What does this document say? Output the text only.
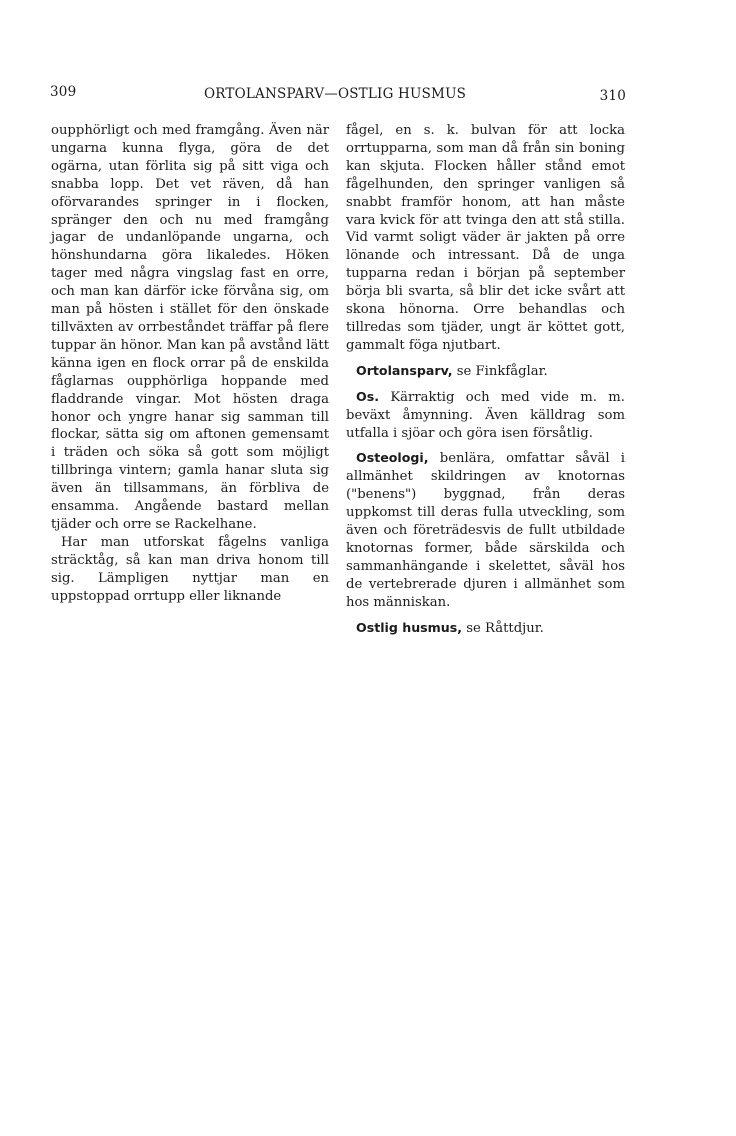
309	ORTOLANSPARV—OSTLIG HUSMUS	310

oupphörligt och med framgång. Även när ungarna kunna flyga, göra de det ogärna, utan förlita sig på sitt viga och snabba lopp. Det vet räven, då han oförvarandes springer in i flocken, spränger den och nu med framgång jagar de undanlöpande ungarna, och hönshundarna göra likaledes. Höken tager med några vingslag fast en orre, och man kan därför icke förvåna sig, om man på hösten i stället för den önskade tillväxten av orrbeståndet träffar på flere tuppar än hönor. Man kan på avstånd lätt känna igen en flock orrar på de enskilda fåglarnas oupphörliga hoppande med fladdrande vingar. Mot hösten draga honor och yngre hanar sig samman till flockar, sätta sig om aftonen gemensamt i träden och söka så gott som möjligt tillbringa vintern; gamla hanar sluta sig även än tillsammans, än förbliva de ensamma. Angående bastard mellan tjäder och orre se Rackelhane.

Har man utforskat fågelns vanliga sträcktåg, så kan man driva honom till sig. Lämpligen nyttjar man en uppstoppad orrtupp eller liknande

fågel, en s. k. bulvan för att locka orrtupparna, som man då från sin boning kan skjuta. Flocken håller stånd emot fågelhunden, den springer vanligen så snabbt framför honom, att han måste vara kvick för att tvinga den att stå stilla. Vid varmt soligt väder är jakten på orre lönande och intressant. Då de unga tupparna redan i början på september börja bli svarta, så blir det icke svårt att skona hönorna. Orre behandlas och tillredas som tjäder, ungt är köttet gott, gammalt föga njutbart.

Ortolansparv, se Finkfåglar.

Os. Kärraktig och med vide m. m. beväxt åmynning. Även källdrag som utfalla i sjöar och göra isen försåtlig.

Osteologi, benlära, omfattar såväl i allmänhet skildringen av knotornas ("benens") byggnad, från deras uppkomst till deras fulla utveckling, som även och företrädesvis de fullt utbildade knotornas former, både särskilda och sammanhängande i skelettet, såväl hos de vertebrerade djuren i allmänhet som hos människan.

Ostlig husmus, se Råttdjur.
